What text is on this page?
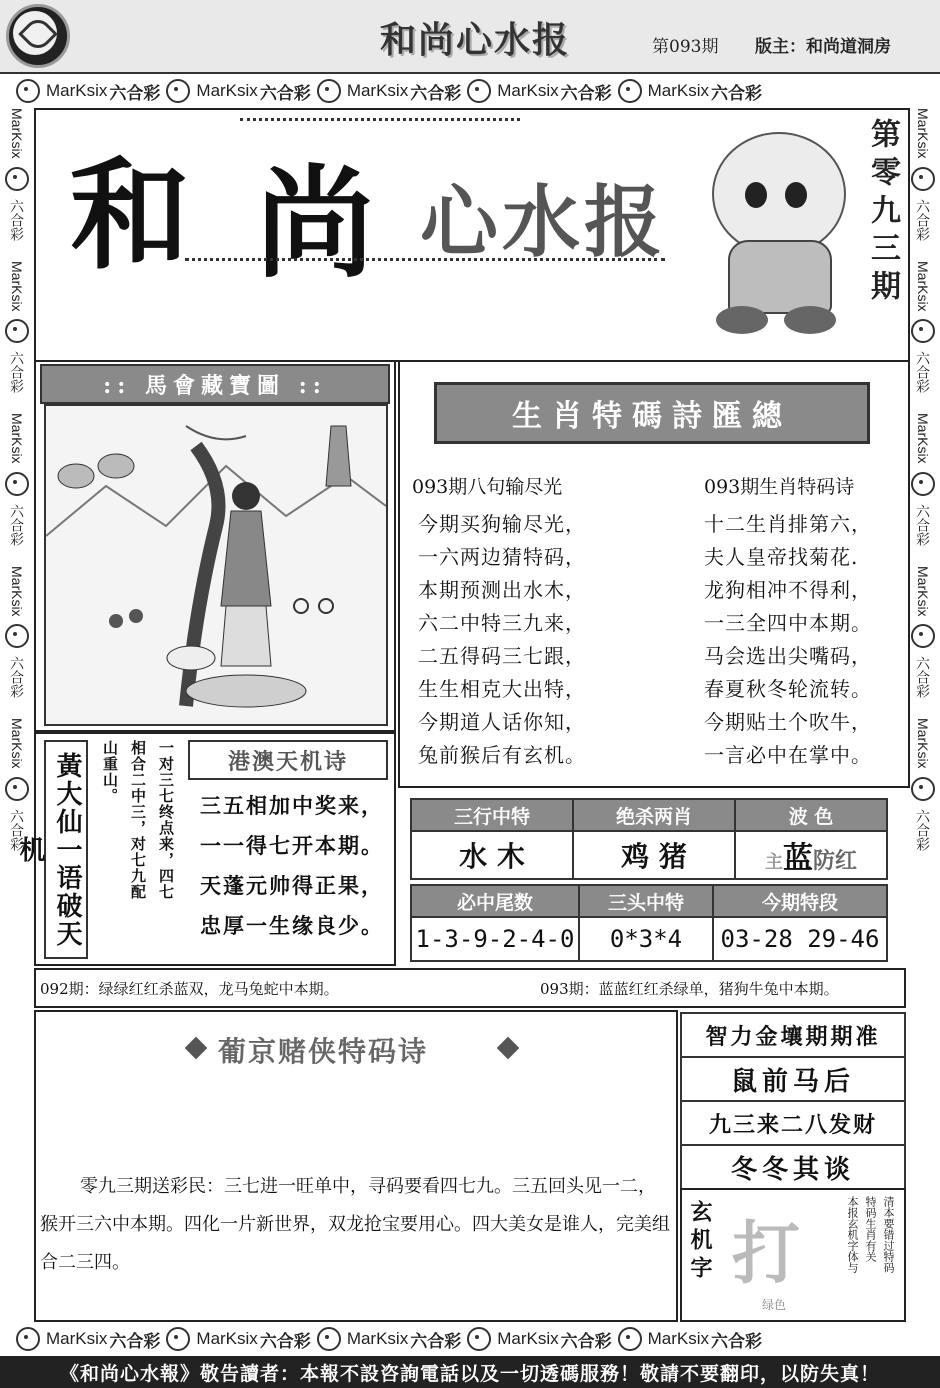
和尚心水报	第093期 版主：和尚道洞房
MarKsix 六合彩 MarKsix 六合彩 MarKsix 六合彩 MarKsix 六合彩 MarKsix 六合彩
MarKsix
六合彩
MarKsix
六合彩
MarKsix
六合彩
MarKsix
六合彩
MarKsix
六合彩
MarKsix
六合彩
MarKsix
六合彩
MarKsix
六合彩
MarKsix
六合彩
MarKsix
六合彩
和 尚 心水报	第零九三期
:: 馬會藏寶圖 ::
黃大仙一语破天机	一对三七终点来，四七
相合二中三，对七九配
山重山。	港澳天机诗
三五相加中奖来，
一一得七开本期。
天蓬元帅得正果，
忠厚一生缘良少。
生肖特碼詩匯總
093期八句输尽光
今期买狗输尽光，
一六两边猜特码，
本期预测出水木，
六二中特三九来，
二五得码三七跟，
生生相克大出特，
今期道人话你知，
兔前猴后有玄机。
093期生肖特码诗
十二生肖排第六，
夫人皇帝找菊花.
龙狗相冲不得利，
一三全四中本期。
马会选出尖嘴码，
春夏秋冬轮流转。
今期贴土个吹牛，
一言必中在掌中。
三行中特	绝杀两肖	波 色
水 木	鸡 猪	主蓝防红
必中尾数	三头中特	今期特段
1-3-9-2-4-0	0*3*4	03-28 29-46
092期：绿绿红红杀蓝双，龙马兔蛇中本期。	093期：蓝蓝红红杀绿单，猪狗牛兔中本期。
葡京赌侠特码诗
零九三期送彩民：三七进一旺单中，寻码要看四七九。三五回头见一二，猴开三六中本期。四化一片新世界，双龙抢宝要用心。四大美女是谁人，完美组合二三四。
智力金壤期期准
鼠前马后
九三来二八发财
冬冬其谈
玄机字 打
绿色
清本要错过特码
特码生肖有关
本报玄机字体与
MarKsix 六合彩 MarKsix 六合彩 MarKsix 六合彩 MarKsix 六合彩 MarKsix 六合彩
《和尚心水報》敬告讀者：本報不設咨詢電話以及一切透碼服務！敬請不要翻印，以防失真！
